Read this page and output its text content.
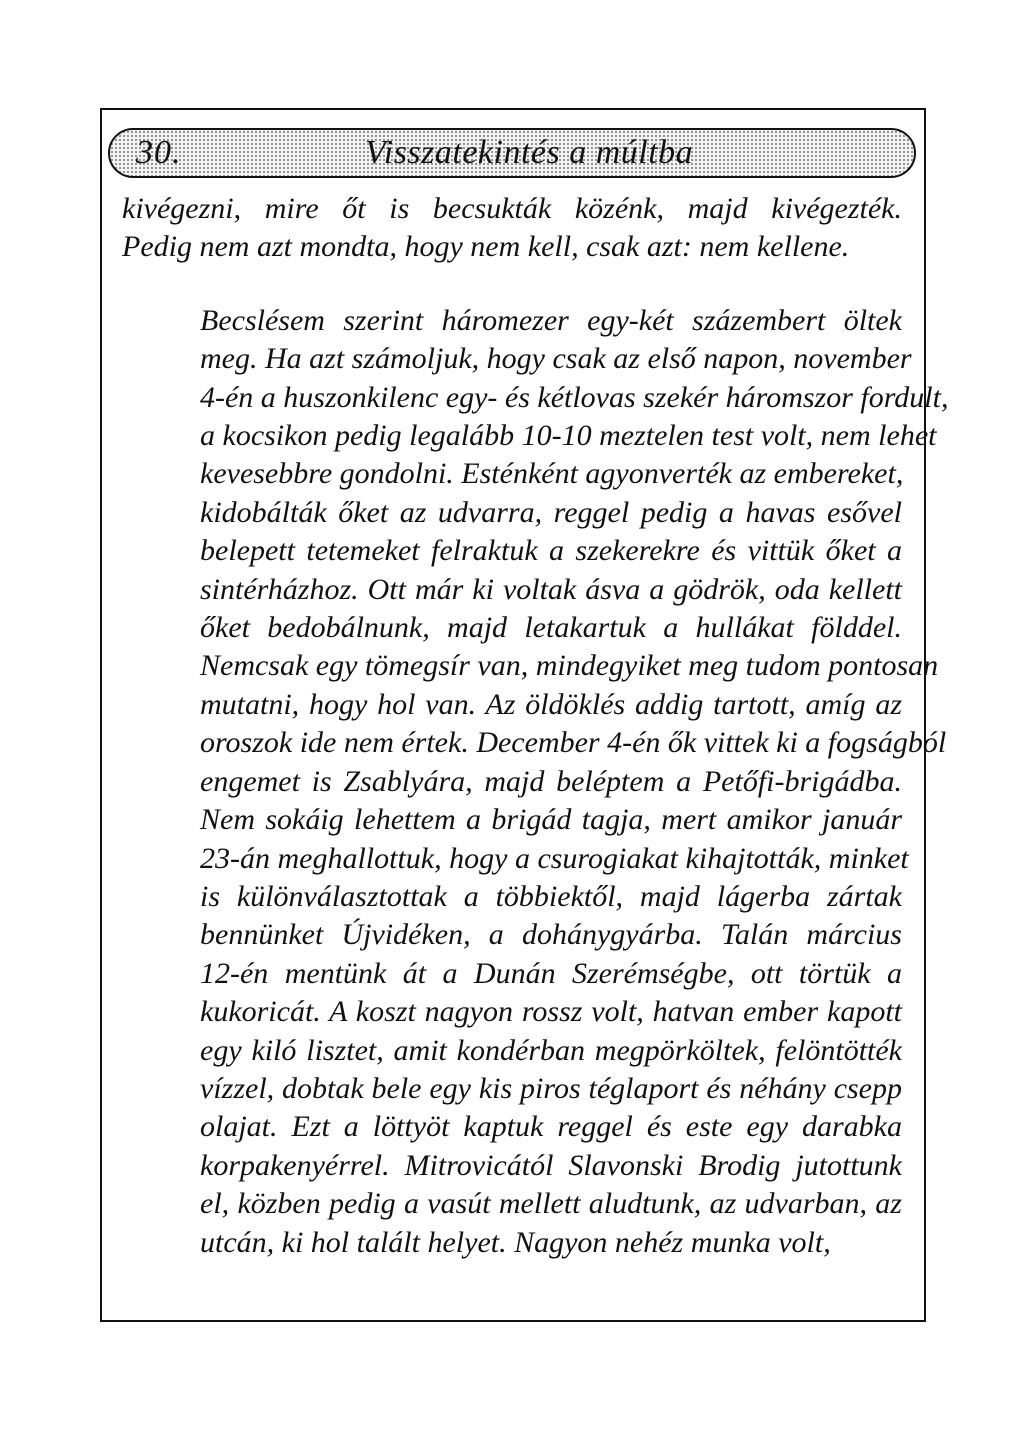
30.	Visszatekintés a múltba

kivégezni, mire őt is becsukták közénk, majd kivégezték.
Pedig nem azt mondta, hogy nem kell, csak azt: nem kellene.

Becslésem szerint háromezer egy-két százembert öltek
meg. Ha azt számoljuk, hogy csak az első napon, november
4-én a huszonkilenc egy- és kétlovas szekér háromszor fordult,
a kocsikon pedig legalább 10-10 meztelen test volt, nem lehet
kevesebbre gondolni. Esténként agyonverték az embereket,
kidobálták őket az udvarra, reggel pedig a havas esővel
belepett tetemeket felraktuk a szekerekre és vittük őket a
sintérházhoz. Ott már ki voltak ásva a gödrök, oda kellett
őket bedobálnunk, majd letakartuk a hullákat földdel.
Nemcsak egy tömegsír van, mindegyiket meg tudom pontosan
mutatni, hogy hol van. Az öldöklés addig tartott, amíg az
oroszok ide nem értek. December 4-én ők vittek ki a fogságból
engemet is Zsablyára, majd beléptem a Petőfi-brigádba.
Nem sokáig lehettem a brigád tagja, mert amikor január
23-án meghallottuk, hogy a csurogiakat kihajtották, minket
is különválasztottak a többiektől, majd lágerba zártak
bennünket Újvidéken, a dohánygyárba. Talán március
12-én mentünk át a Dunán Szerémségbe, ott törtük a
kukoricát. A koszt nagyon rossz volt, hatvan ember kapott
egy kiló lisztet, amit kondérban megpörköltek, felöntötték
vízzel, dobtak bele egy kis piros téglaport és néhány csepp
olajat. Ezt a löttyöt kaptuk reggel és este egy darabka
korpakenyérrel. Mitrovicától Slavonski Brodig jutottunk
el, közben pedig a vasút mellett aludtunk, az udvarban, az
utcán, ki hol talált helyet. Nagyon nehéz munka volt,
